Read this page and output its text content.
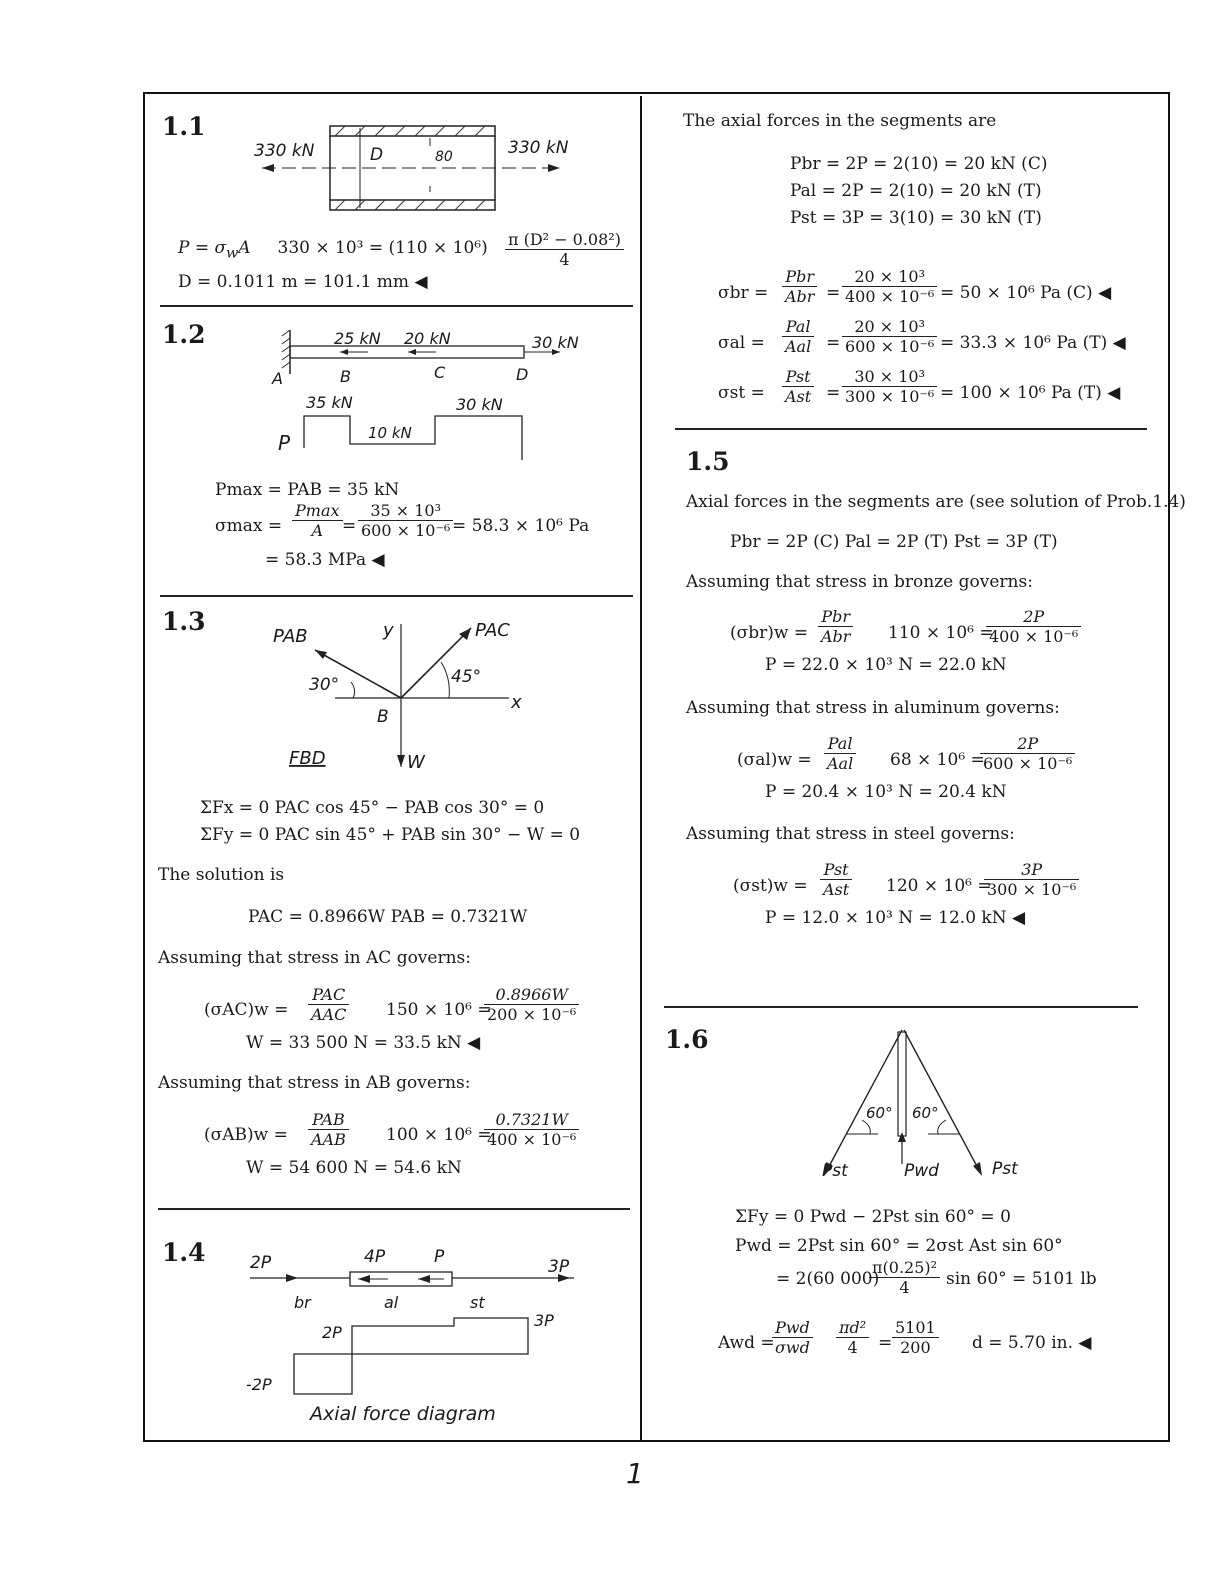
1.1
330 kN	330 kN
D	80
$P = \sigma_wA$ $330 \times 10^3 = (110 \times 10^6) \frac{\text{π (D² − 0.08²)}}{4}$
D = 0.1011 m = 101.1 mm ◀
1.2	25 kN 20 kN	30 kN
A	B	C	D
35 kN	30 kN
10 kN
P
Pmax = PAB = 35 kN
σmax =
Pmax
A	= $\frac{\text{35 × 10³}}{\text{600 × 10⁻⁶}}$
= 58.3 × 10⁶ Pa
= 58.3 MPa ◀
1.3
PAB	PAC
y
x
30°	45°
B
W
FBD
ΣFx = 0 PAC cos 45° − PAB cos 30° = 0
ΣFy = 0 PAC sin 45° + PAB sin 30° − W = 0
The solution is
PAC = 0.8966W PAB = 0.7321W
Assuming that stress in AC governs:
(σAC)w =
PAC
AAC 150 × 10⁶ =
$\frac{0.8966W}{\text{200 × 10⁻⁶}}$
W = 33 500 N = 33.5 kN ◀
Assuming that stress in AB governs:
(σAB)w =
PAB
AAB 100 × 10⁶ =
$\frac{0.7321W}{\text{400 × 10⁻⁶}}$
W = 54 600 N = 54.6 kN
1.4	2P	4P	P	3P
br	al	st
2P
3P
-2P
Axial force diagram
The axial forces in the segments are
Pbr = 2P = 2(10) = 20 kN (C)
Pal = 2P = 2(10) = 20 kN (T)
Pst = 3P = 3(10) = 30 kN (T)
σbr =
Pbr
Abr = $\frac{\text{20 × 10³}}{\text{400 × 10⁻⁶}} = 50 \times 10^6$ Pa (C) ◀
σal =
Pal
Aal = $\frac{\text{20 × 10³}}{\text{600 × 10⁻⁶}} = 33.3 \times 10^6$ Pa (T) ◀
σst =
Pst
Ast = $\frac{\text{30 × 10³}}{\text{300 × 10⁻⁶}} = 100 \times 10^6$ Pa (T) ◀
1.5
Axial forces in the segments are (see solution of Prob.1.4)
Pbr = 2P (C) Pal = 2P (T) Pst = 3P (T)
Assuming that stress in bronze governs:
(σbr)w =
Pbr
Abr 110 × 10⁶ =
$\frac{2P}{\text{400 × 10⁻⁶}}$
P = 22.0 × 10³ N = 22.0 kN
Assuming that stress in aluminum governs:
(σal)w =
Pal
Aal 68 × 10⁶ =
$\frac{2P}{\text{600 × 10⁻⁶}}$
P = 20.4 × 10³ N = 20.4 kN
Assuming that stress in steel governs:
(σst)w =
Pst
Ast 120 × 10⁶ =
$\frac{3P}{\text{300 × 10⁻⁶}}$
P = 12.0 × 10³ N = 12.0 kN ◀
1.6
60° 60°
Pst	Pwd	Pst
ΣFy = 0 Pwd − 2Pst sin 60° = 0
Pwd = 2Pst sin 60° = 2σst Ast sin 60°
= 2(60 000)
$\frac{\text{π(0.25)²}}{4}$ sin 60° = 5101 lb
Awd =
Pwd
σwd $\frac{\text{πd²}}{4} = \frac{5101}{200}$ d = 5.70 in. ◀
1
